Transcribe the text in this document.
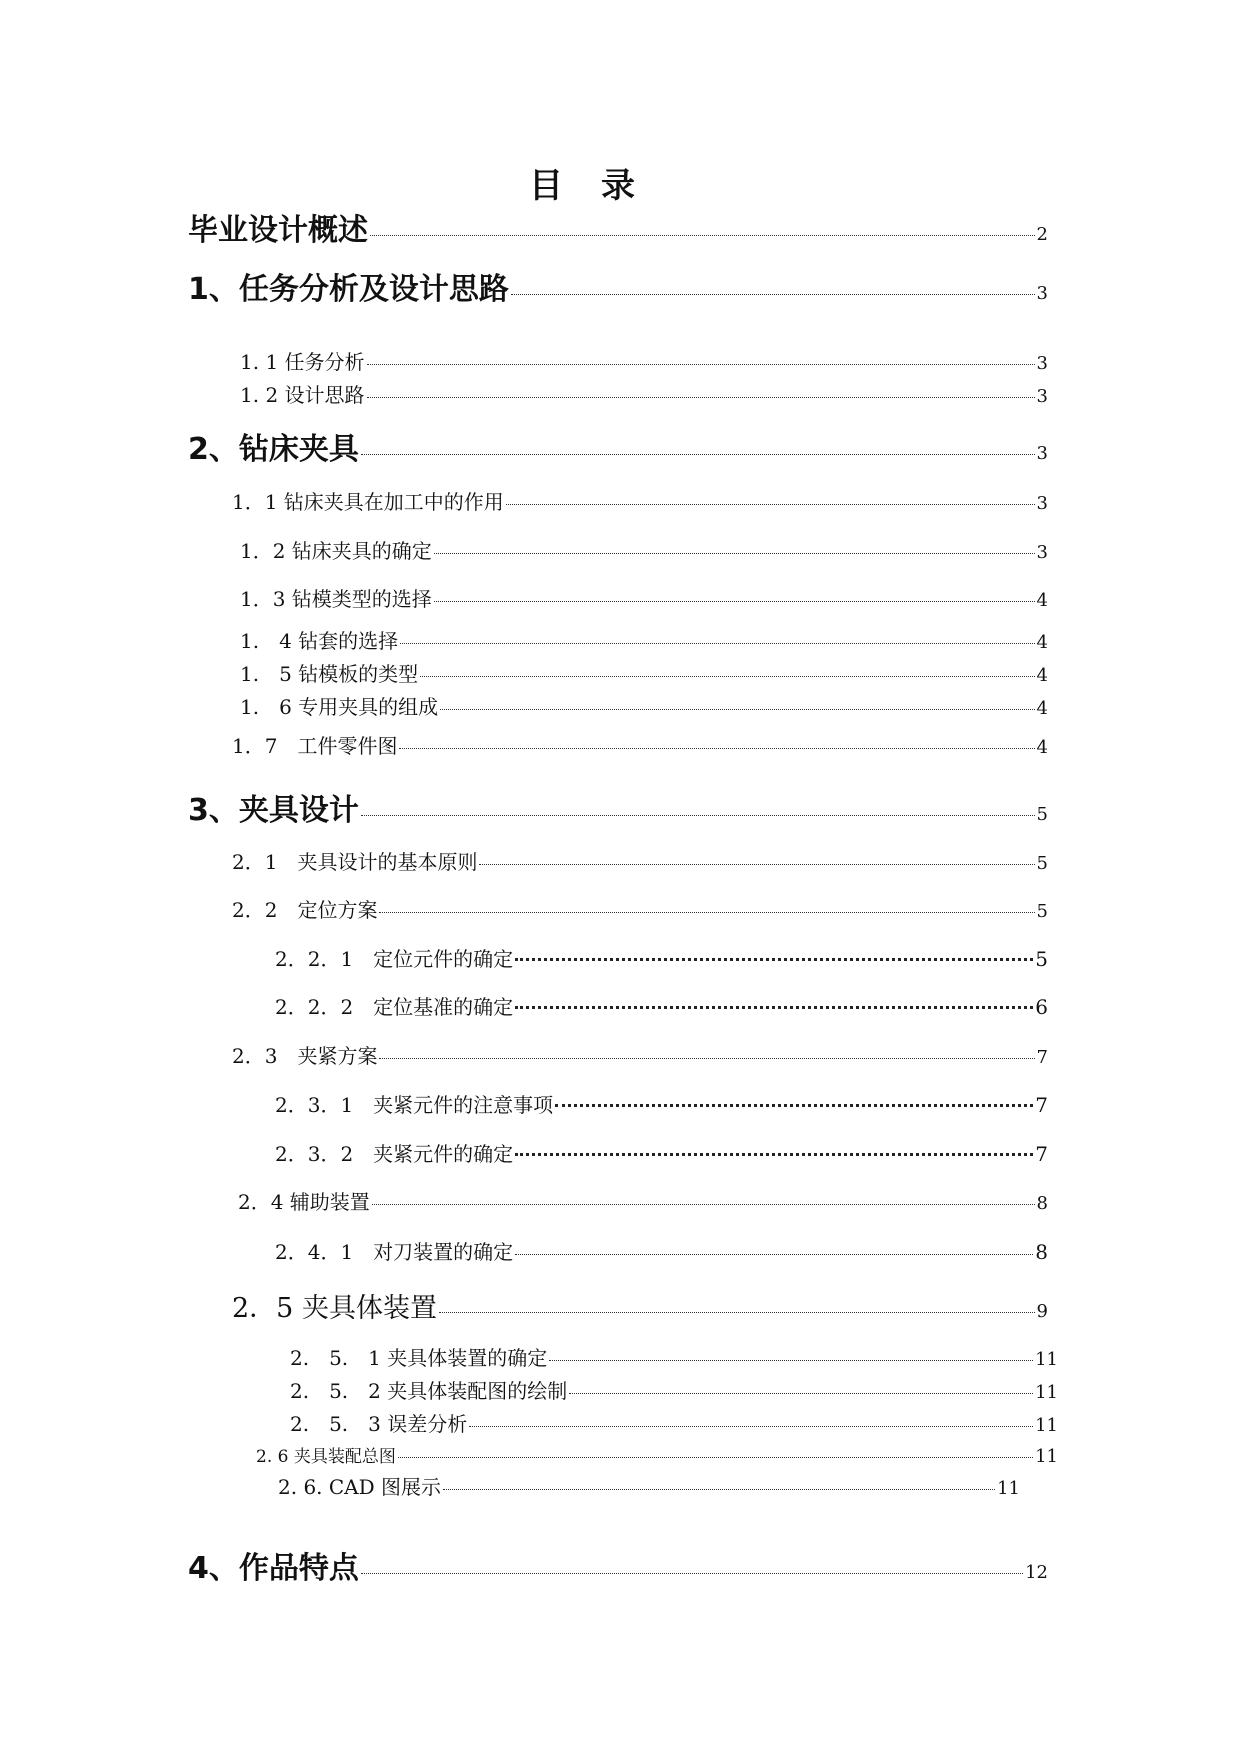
目　录
毕业设计概述	2
1、任务分析及设计思路	3
1. 1 任务分析	3
1. 2 设计思路	3
2、钻床夹具	3
1．1 钻床夹具在加工中的作用	3
1．2 钻床夹具的确定	3
1．3 钻模类型的选择	4
1.　4 钻套的选择	4
1.　5 钻模板的类型	4
1.　6 专用夹具的组成	4
1．7　工件零件图	4
3、夹具设计	5
2．1　夹具设计的基本原则	5
2．2　定位方案	5
2．2．1　定位元件的确定	5
2．2．2　定位基准的确定	6
2．3　夹紧方案	7
2．3．1　夹紧元件的注意事项	7
2．3．2　夹紧元件的确定	7
2．4 辅助装置	8
2．4．1　对刀装置的确定	8
2．5 夹具体装置	9
2.　5.　1 夹具体装置的确定	11
2.　5.　2 夹具体装配图的绘制	11
2.　5.　3 误差分析	11
2. 6 夹具装配总图	11
2. 6. CAD 图展示	11
4、作品特点	12
